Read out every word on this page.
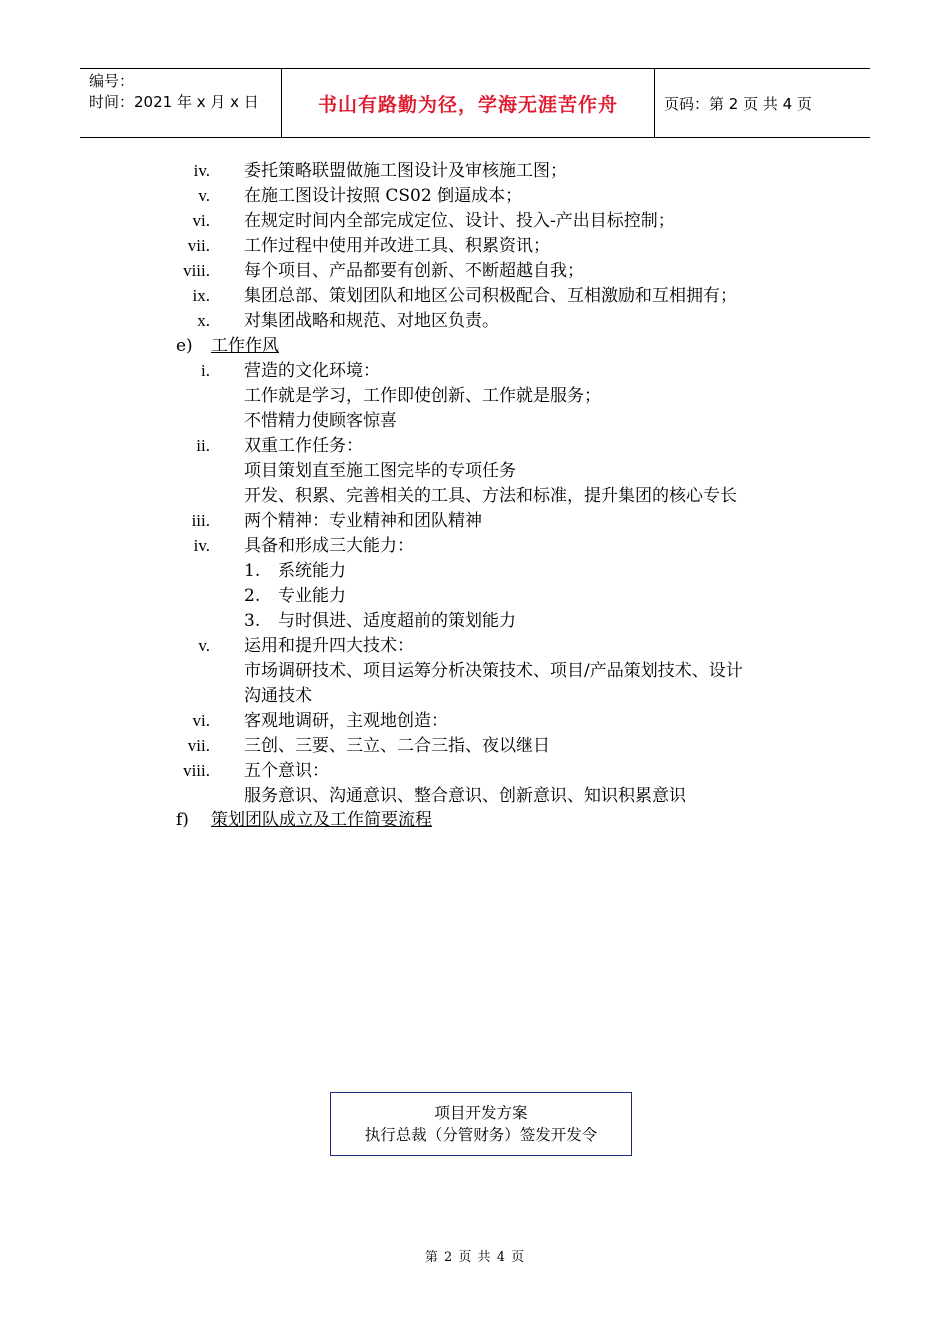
编号：
时间：2021 年 x 月 x 日	书山有路勤为径，学海无涯苦作舟	页码：第 2 页 共 4 页
iv. 委托策略联盟做施工图设计及审核施工图；
v. 在施工图设计按照 CS02 倒逼成本；
vi. 在规定时间内全部完成定位、设计、投入-产出目标控制；
vii. 工作过程中使用并改进工具、积累资讯；
viii. 每个项目、产品都要有创新、不断超越自我；
ix. 集团总部、策划团队和地区公司积极配合、互相激励和互相拥有；
x. 对集团战略和规范、对地区负责。
e) 工作作风
i. 营造的文化环境：
工作就是学习，工作即使创新、工作就是服务；
不惜精力使顾客惊喜
ii. 双重工作任务：
项目策划直至施工图完毕的专项任务
开发、积累、完善相关的工具、方法和标准，提升集团的核心专长
iii. 两个精神：专业精神和团队精神
iv. 具备和形成三大能力：
1. 系统能力
2. 专业能力
3. 与时俱进、适度超前的策划能力
v. 运用和提升四大技术：
市场调研技术、项目运筹分析决策技术、项目/产品策划技术、设计
沟通技术
vi. 客观地调研，主观地创造：
vii. 三创、三要、三立、二合三指、夜以继日
viii. 五个意识：
服务意识、沟通意识、整合意识、创新意识、知识积累意识
f) 策划团队成立及工作简要流程
项目开发方案
执行总裁（分管财务）签发开发令
第 2 页 共 4 页
